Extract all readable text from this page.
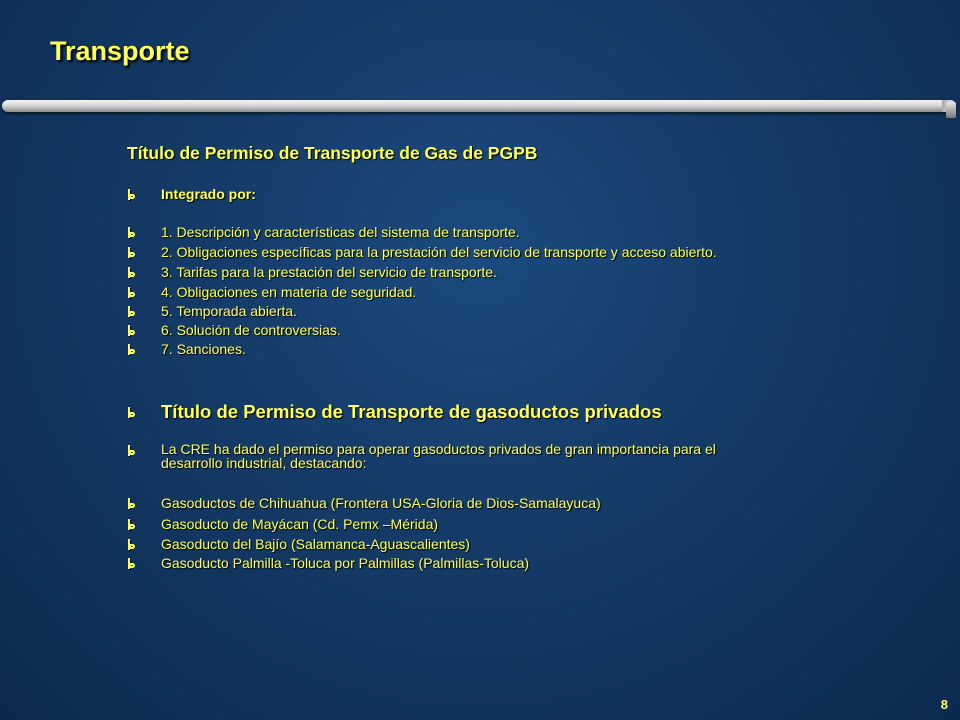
Transporte
Título de Permiso de Transporte de Gas de PGPB
Integrado por:
1. Descripción y características del sistema de transporte.
2. Obligaciones específicas para la prestación del servicio de transporte y acceso abierto.
3. Tarifas para la prestación del servicio de transporte.
4. Obligaciones en materia de seguridad.
5. Temporada abierta.
6. Solución de controversias.
7. Sanciones.
Título de Permiso de Transporte de gasoductos privados
La CRE ha dado el permiso para operar gasoductos privados de gran importancia para el
desarrollo industrial, destacando:
Gasoductos de Chihuahua (Frontera USA-Gloria de Dios-Samalayuca)
Gasoducto de Mayácan (Cd. Pemx –Mérida)
Gasoducto del Bajío (Salamanca-Aguascalientes)
Gasoducto Palmilla -Toluca por Palmillas (Palmillas-Toluca)
8
